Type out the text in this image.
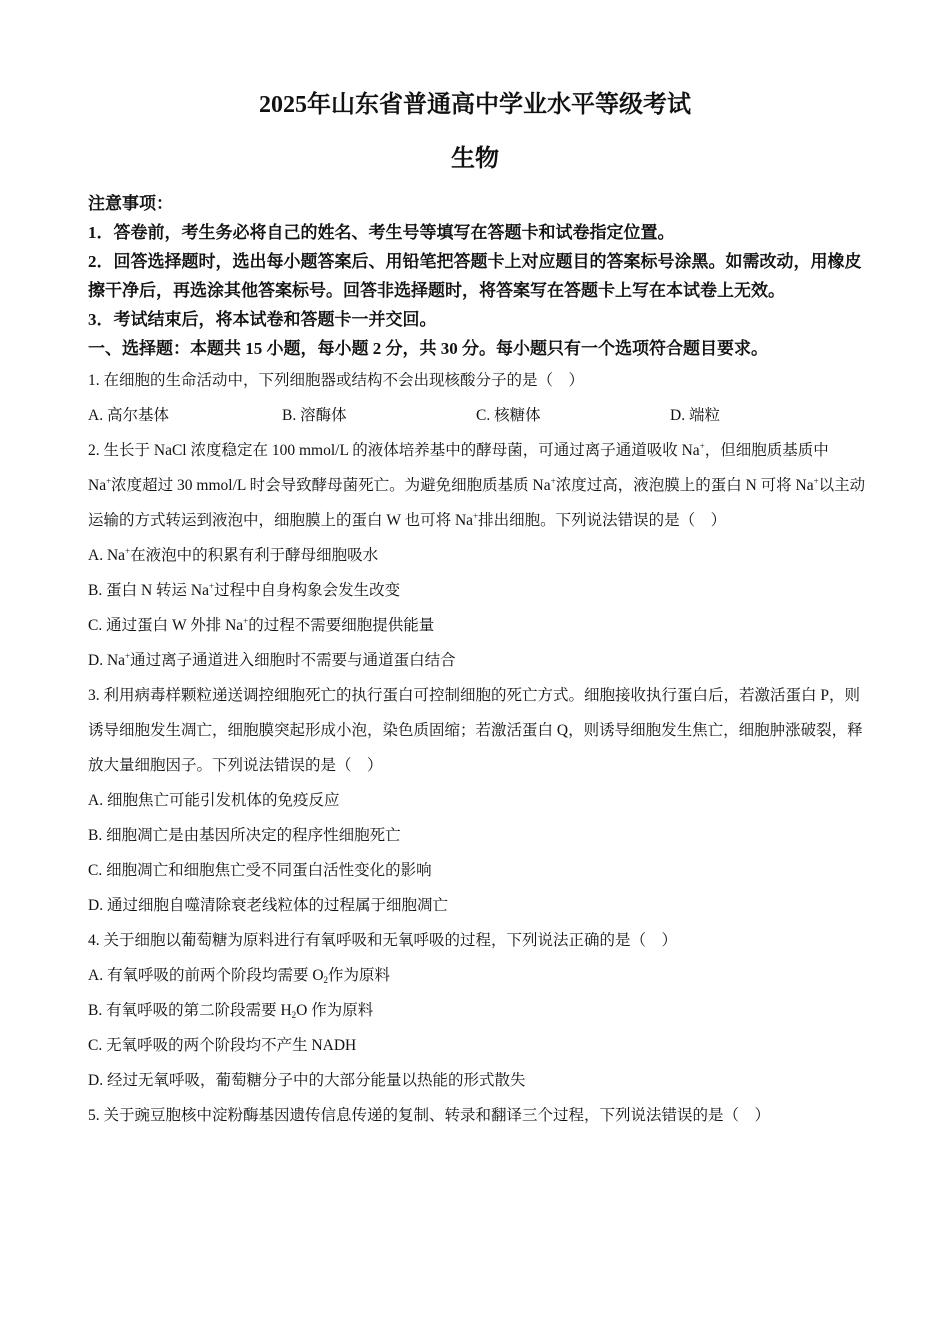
2025年山东省普通高中学业水平等级考试
生物
注意事项：
1．答卷前，考生务必将自己的姓名、考生号等填写在答题卡和试卷指定位置。
2．回答选择题时，选出每小题答案后、用铅笔把答题卡上对应题目的答案标号涂黑。如需改动，用橡皮擦干净后，再选涂其他答案标号。回答非选择题时，将答案写在答题卡上写在本试卷上无效。
3．考试结束后，将本试卷和答题卡一并交回。
一、选择题：本题共 15 小题，每小题 2 分，共 30 分。每小题只有一个选项符合题目要求。
1. 在细胞的生命活动中，下列细胞器或结构不会出现核酸分子的是（　）
A. 高尔基体	B. 溶酶体	C. 核糖体	D. 端粒
2. 生长于 NaCl 浓度稳定在 100 mmol/L 的液体培养基中的酵母菌，可通过离子通道吸收 Na+，但细胞质基质中 Na+浓度超过 30 mmol/L 时会导致酵母菌死亡。为避免细胞质基质 Na+浓度过高，液泡膜上的蛋白 N 可将 Na+以主动运输的方式转运到液泡中，细胞膜上的蛋白 W 也可将 Na+排出细胞。下列说法错误的是（　）
A. Na+在液泡中的积累有利于酵母细胞吸水
B. 蛋白 N 转运 Na+过程中自身构象会发生改变
C. 通过蛋白 W 外排 Na+的过程不需要细胞提供能量
D. Na+通过离子通道进入细胞时不需要与通道蛋白结合
3. 利用病毒样颗粒递送调控细胞死亡的执行蛋白可控制细胞的死亡方式。细胞接收执行蛋白后，若激活蛋白 P，则诱导细胞发生凋亡，细胞膜突起形成小泡，染色质固缩；若激活蛋白 Q，则诱导细胞发生焦亡，细胞肿涨破裂，释放大量细胞因子。下列说法错误的是（　）
A. 细胞焦亡可能引发机体的免疫反应
B. 细胞凋亡是由基因所决定的程序性细胞死亡
C. 细胞凋亡和细胞焦亡受不同蛋白活性变化的影响
D. 通过细胞自噬清除衰老线粒体的过程属于细胞凋亡
4. 关于细胞以葡萄糖为原料进行有氧呼吸和无氧呼吸的过程，下列说法正确的是（　）
A. 有氧呼吸的前两个阶段均需要 $O_2$作为原料
B. 有氧呼吸的第二阶段需要 $H_2O$ 作为原料
C. 无氧呼吸的两个阶段均不产生 NADH
D. 经过无氧呼吸，葡萄糖分子中的大部分能量以热能的形式散失
5. 关于豌豆胞核中淀粉酶基因遗传信息传递的复制、转录和翻译三个过程，下列说法错误的是（　）
